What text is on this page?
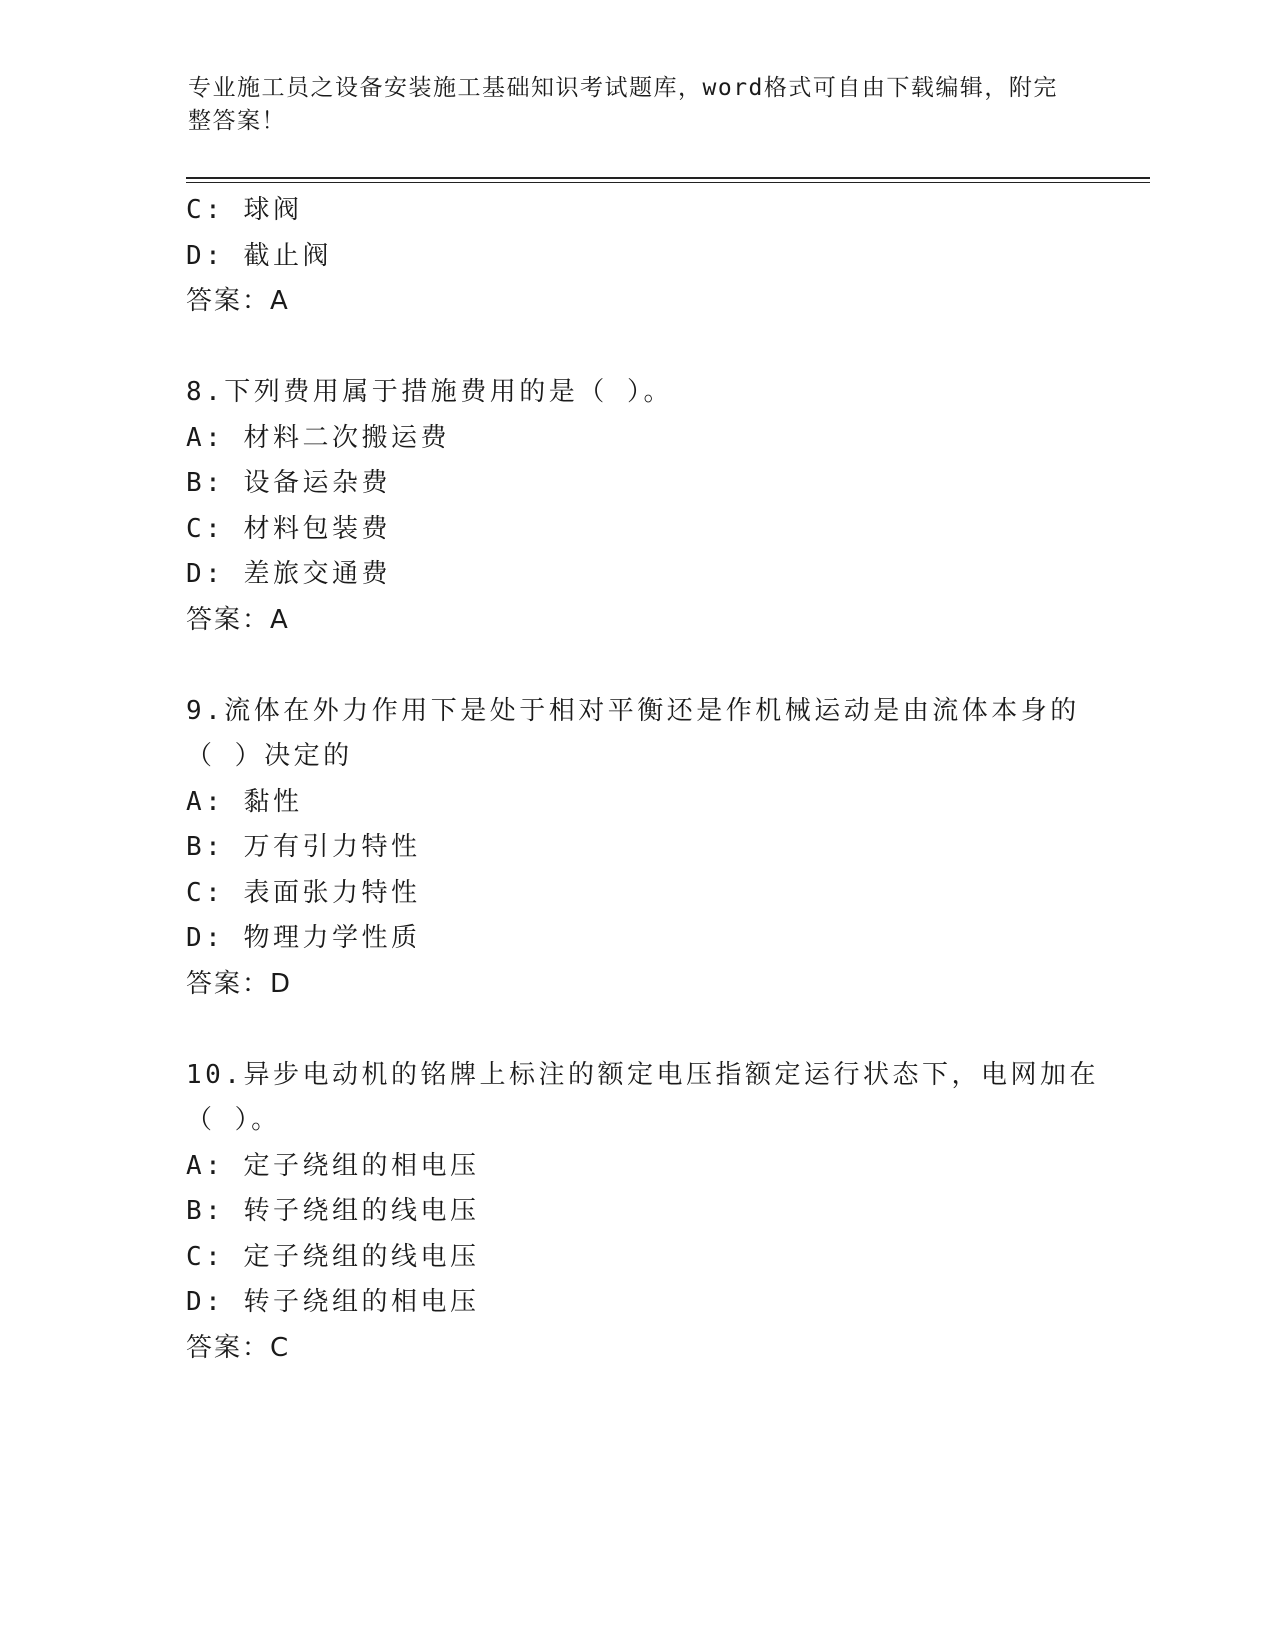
专业施工员之设备安装施工基础知识考试题库，word格式可自由下载编辑，附完整答案！
C: 球阀
D: 截止阀
答案：A
8.下列费用属于措施费用的是（ ）。
A: 材料二次搬运费
B: 设备运杂费
C: 材料包装费
D: 差旅交通费
答案：A
9.流体在外力作用下是处于相对平衡还是作机械运动是由流体本身的
（ ）决定的
A: 黏性
B: 万有引力特性
C: 表面张力特性
D: 物理力学性质
答案：D
10.异步电动机的铭牌上标注的额定电压指额定运行状态下，电网加在
（ ）。
A: 定子绕组的相电压
B: 转子绕组的线电压
C: 定子绕组的线电压
D: 转子绕组的相电压
答案：C
